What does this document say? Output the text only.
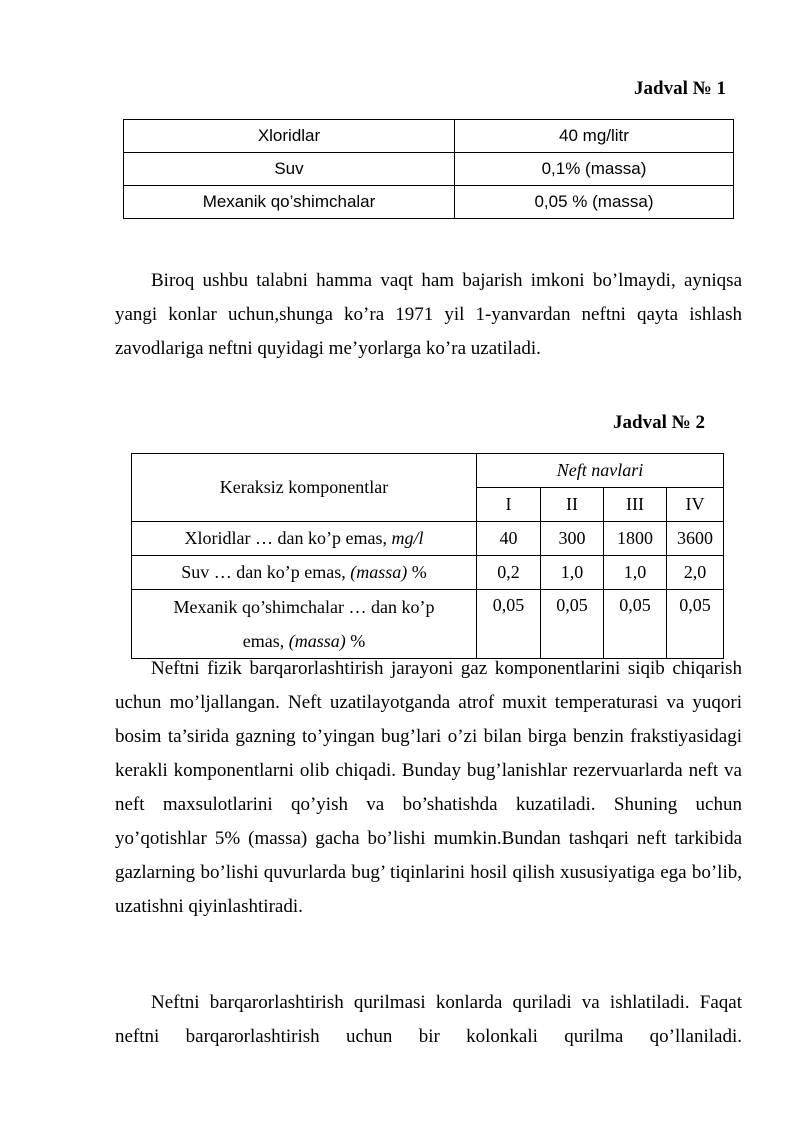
Jadval № 1
Xloridlar	40 mg/litr
Suv	0,1% (massa)
Mexanik qo’shimchalar	0,05 % (massa)

Biroq ushbu talabni hamma vaqt ham bajarish imkoni bo’lmaydi, ayniqsa yangi konlar uchun,shunga ko’ra 1971 yil 1-yanvardan neftni qayta ishlash zavodlariga neftni quyidagi me’yorlarga ko’ra uzatiladi.

Jadval № 2
Keraksiz komponentlar	Neft navlari			
	I	II	III	IV
Xloridlar … dan ko’p emas, mg/l	40	300	1800	3600
Suv … dan ko’p emas, (massa) %	0,2	1,0	1,0	2,0
Mexanik qo’shimchalar … dan ko’p
emas, (massa) %	0,05	0,05	0,05	0,05

Neftni fizik barqarorlashtirish jarayoni gaz komponentlarini siqib chiqarish uchun mo’ljallangan. Neft uzatilayotganda atrof muxit temperaturasi va yuqori bosim ta’sirida gazning to’yingan bug’lari o’zi bilan birga benzin frakstiyasidagi kerakli komponentlarni olib chiqadi. Bunday bug’lanishlar rezervuarlarda neft va neft maxsulotlarini qo’yish va bo’shatishda kuzatiladi. Shuning uchun yo’qotishlar 5% (massa) gacha bo’lishi mumkin.Bundan tashqari neft tarkibida gazlarning bo’lishi quvurlarda bug’ tiqinlarini hosil qilish xususiyatiga ega bo’lib, uzatishni qiyinlashtiradi.

Neftni barqarorlashtirish qurilmasi konlarda quriladi va ishlatiladi. Faqat neftni barqarorlashtirish uchun bir kolonkali qurilma qo’llaniladi.
